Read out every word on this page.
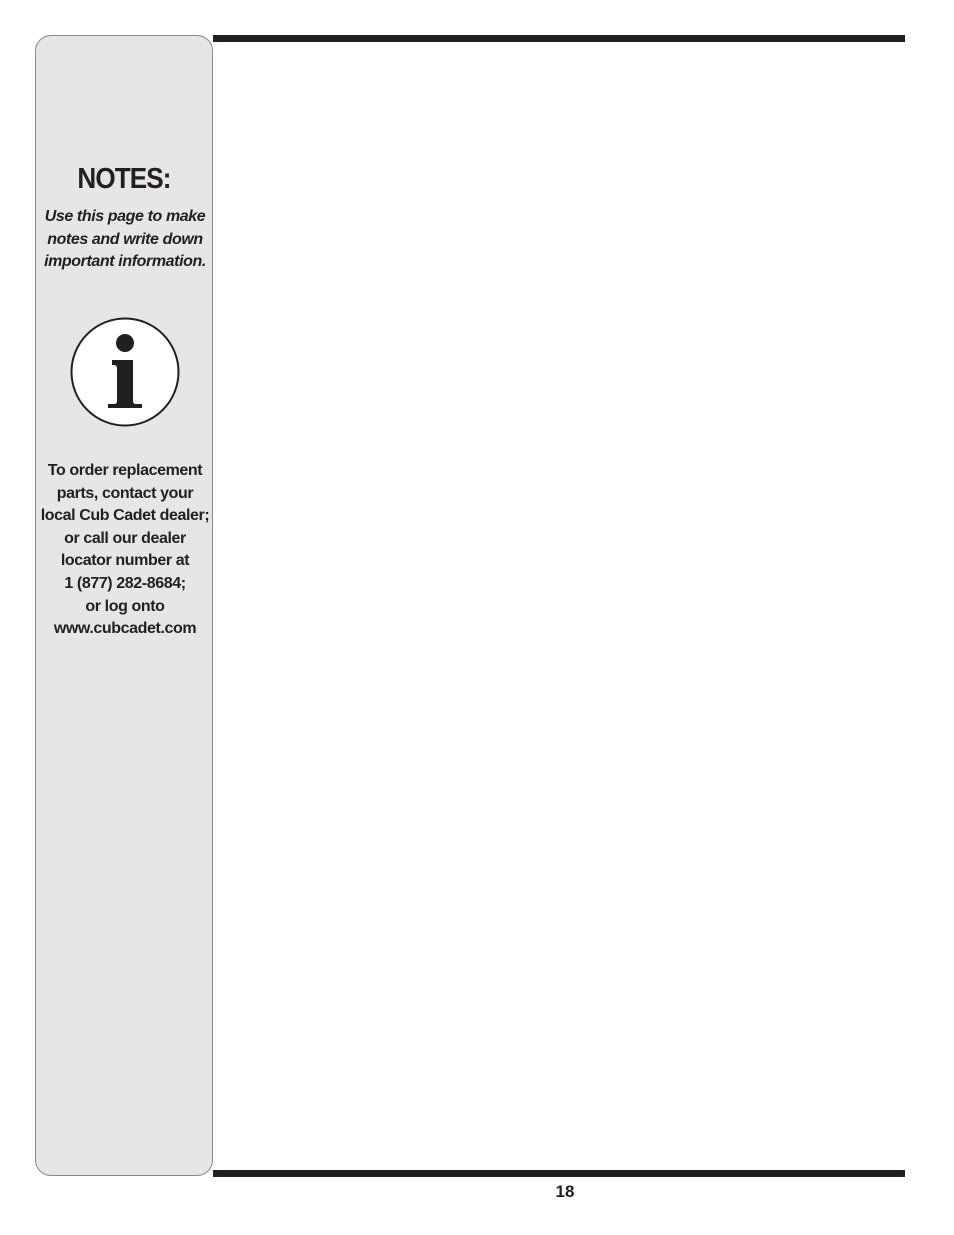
NOTES:
Use this page to make
notes and write down
important information.
To order replacement
parts, contact your
local Cub Cadet dealer;
or call our dealer
locator number at
1 (877) 282-8684;
or log onto
www.cubcadet.com
18
